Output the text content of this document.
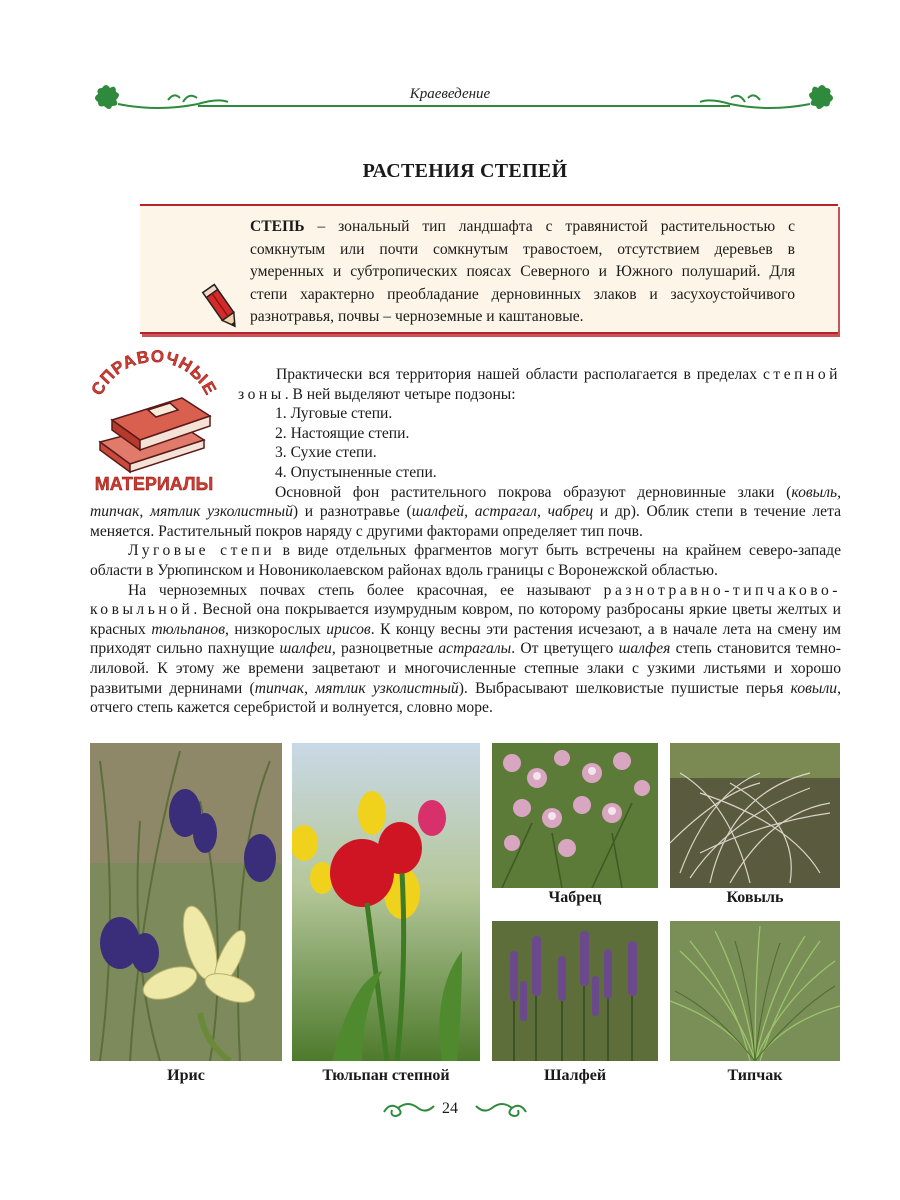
Краеведение
РАСТЕНИЯ СТЕПЕЙ
СТЕПЬ – зональный тип ландшафта с травянистой растительностью с сомкнутым или почти сомкнутым травостоем, отсутствием деревьев в умеренных и субтропических поясах Северного и Южного полушарий. Для степи характерно преобладание дерновинных злаков и засухоустойчивого разнотравья, почвы – черноземные и каштановые.
СПРАВОЧНЫЕ
МАТЕРИАЛЫ

Практически вся территория нашей области располагается в пределах степной зоны. В ней выделяют четыре подзоны:

1. Луговые степи.

2. Настоящие степи.

3. Сухие степи.

4. Опустыненные степи.

Основной фон растительного покрова образуют дерновинные злаки (ковыль, типчак, мятлик узколистный) и разнотравье (шалфей, астрагал, чабрец и др). Облик степи в течение лета меняется. Растительный покров наряду с другими факторами определяет тип почв.

Луговые степи в виде отдельных фрагментов могут быть встречены на крайнем северо-западе области в Урюпинском и Новониколаевском районах вдоль границы с Воронежской областью.

На черноземных почвах степь более красочная, ее называют разнотравно-типчаково-ковыльной. Весной она покрывается изумрудным ковром, по которому разбросаны яркие цветы желтых и красных тюльпанов, низкорослых ирисов. К концу весны эти растения исчезают, а в начале лета на смену им приходят сильно пахнущие шалфеи, разноцветные астрагалы. От цветущего шалфея степь становится темно-лиловой. К этому же времени зацветают и многочисленные степные злаки с узкими листьями и хорошо развитыми дернинами (типчак, мятлик узколистный). Выбрасывают шелковистые пушистые перья ковыли, отчего степь кажется серебристой и волнуется, словно море.

Ирис	Тюльпан степной
Чабрец	Ковыль
Шалфей	Типчак
24
